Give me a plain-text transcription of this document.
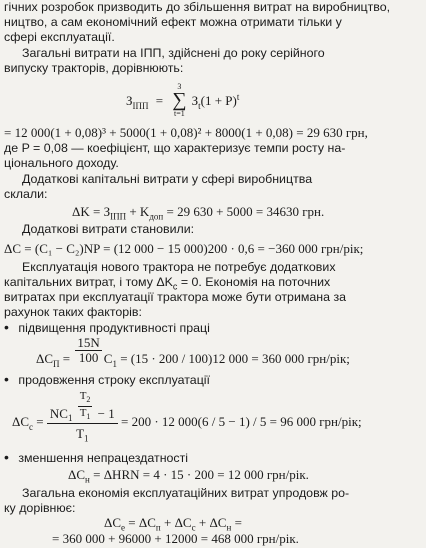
гічних розробок призводить до збільшення витрат на виробництво,
ництво, а сам економічний ефект можна отримати тільки у
сфері експлуатації.
Загальні витрати на ІПП, здійснені до року серійного
випуску тракторів, дорівнюють:
$З_{ІПП}$ =
3
∑
t=1
$З_t(1 + P)^t$
= 12 000(1 + 0,08)³ + 5000(1 + 0,08)² + 8000(1 + 0,08) = 29 630 грн,
де P = 0,08 — коефіцієнт, що характеризує темпи росту на-
ціонального доходу.
Додаткові капітальні витрати у сфері виробництва
склали:
$\Delta K = З_{ІПП} + K_{доп} = 29$ 630 + 5000 = 34630 грн.
Додаткові витрати становили:
ΔC = (C₁ − C₂)NP = (12 000 − 15 000)200 · 0,6 = −360 000 грн/рік;
Експлуатація нового трактора не потребує додаткових
капітальних витрат, і тому $\Delta K_c = 0$. Економія на поточних
витратах при експлуатації трактора може бути отримана за
рахунок таких факторів:
• підвищення продуктивності праці
$\Delta C_П = \frac{15N}{100} C_1 = (15 \cdot 200 / 100)12$ 000 = 360 000 грн/рік;
• продовження строку експлуатації
$\Delta C_c = \frac{NC_1 \frac{T_2}{T_1} - 1}{T_1} = 200 \cdot 12$ 000(6 / 5 − 1) / 5 = 96 000 грн/рік;
• зменшення непрацездатності
$\Delta C_н = \Delta HRN = 4 \cdot 15 \cdot 200 = 12$ 000 грн/рік.
Загальна економія експлуатаційних витрат упродовж ро-
ку дорівнює:
$\Delta C_е = \Delta C_п + \Delta C_с + \Delta C_н$ =
= 360 000 + 96000 + 12000 = 468 000 грн/рік.
